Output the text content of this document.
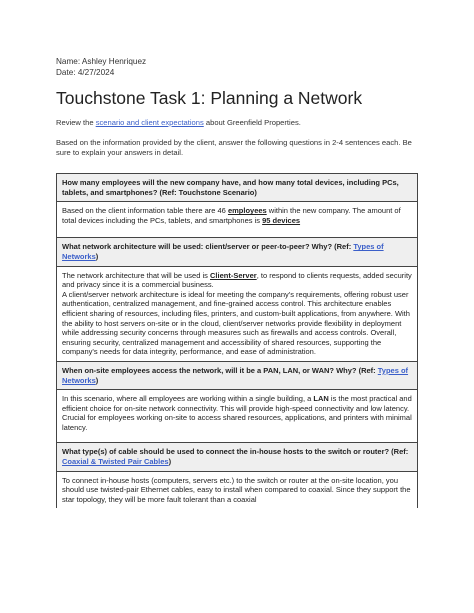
Name: Ashley Henriquez
Date: 4/27/2024
Touchstone Task 1: Planning a Network

Review the scenario and client expectations about Greenfield Properties.

Based on the information provided by the client, answer the following questions in 2-4 sentences each. Be sure to explain your answers in detail.

How many employees will the new company have, and how many total devices, including PCs, tablets, and smartphones? (Ref: Touchstone Scenario)

Based on the client information table there are 46 employees within the new company. The amount of total devices including the PCs, tablets, and smartphones is 95 devices

What network architecture will be used: client/server or peer-to-peer? Why? (Ref: Types of Networks)

The network architecture that will be used is Client-Server, to respond to clients requests, added security and privacy since it is a commercial business.

A client/server network architecture is ideal for meeting the company's requirements, offering robust user authentication, centralized management, and fine-grained access control. This architecture enables efficient sharing of resources, including files, printers, and custom-built applications, from anywhere. With the ability to host servers on-site or in the cloud, client/server networks provide flexibility in deployment while addressing security concerns through measures such as firewalls and access controls. Overall, ensuring security, centralized management and accessibility of shared resources, supporting the company's needs for data integrity, performance, and ease of administration.

When on-site employees access the network, will it be a PAN, LAN, or WAN? Why? (Ref: Types of Networks)

In this scenario, where all employees are working within a single building, a LAN is the most practical and efficient choice for on-site network connectivity. This will provide high-speed connectivity and low latency. Crucial for employees working on-site to access shared resources, applications, and printers with minimal latency.

What type(s) of cable should be used to connect the in-house hosts to the switch or router? (Ref: Coaxial & Twisted Pair Cables)

To connect in-house hosts (computers, servers etc.) to the switch or router at the on-site location, you should use twisted-pair Ethernet cables, easy to install when compared to coaxial. Since they support the star topology, they will be more fault tolerant than a coaxial
